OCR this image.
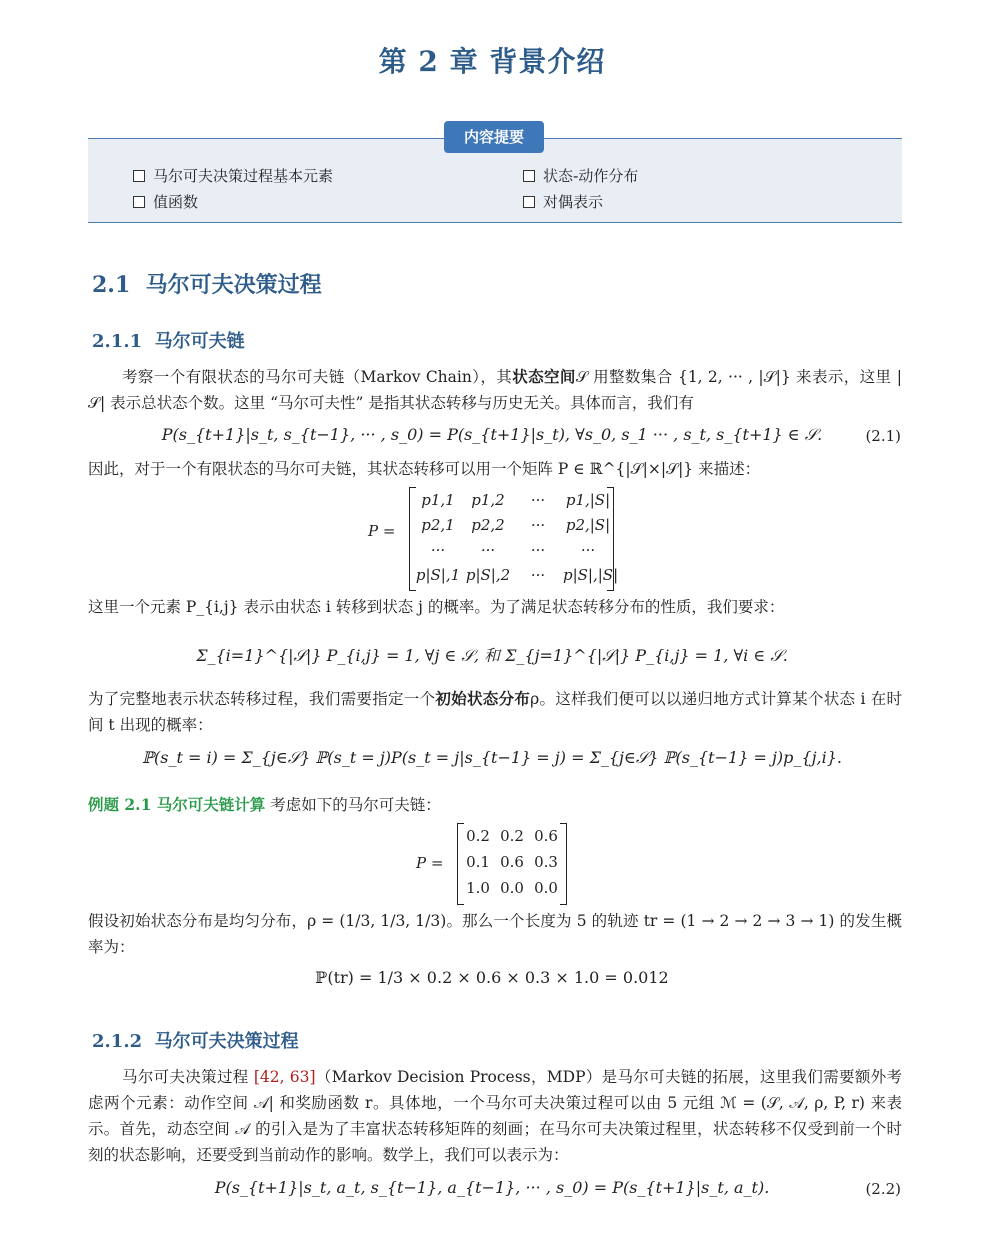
第 2 章 背景介绍
内容提要
马尔可夫决策过程基本元素	状态-动作分布
值函数	对偶表示
2.1 马尔可夫决策过程
2.1.1 马尔可夫链
考察一个有限状态的马尔可夫链（Markov Chain），其状态空间𝒮 用整数集合 {1, 2, ··· , |𝒮|} 来表示，这里 |𝒮| 表示总状态个数。这里 “马尔可夫性” 是指其状态转移与历史无关。具体而言，我们有
P(s_{t+1}|s_t, s_{t−1}, ··· , s_0) = P(s_{t+1}|s_t), ∀s_0, s_1 ··· , s_t, s_{t+1} ∈ 𝒮.	(2.1)
因此，对于一个有限状态的马尔可夫链，其状态转移可以用一个矩阵 P ∈ ℝ^{|𝒮|×|𝒮|} 来描述：
P =
p1,1	p1,2	···	p1,|S|
p2,1	p2,2	···	p2,|S|
···	···	···	···
p|S|,1 p|S|,2	···	p|S|,|S|
这里一个元素 P_{i,j} 表示由状态 i 转移到状态 j 的概率。为了满足状态转移分布的性质，我们要求：
Σ_{i=1}^{|𝒮|} P_{i,j} = 1, ∀j ∈ 𝒮, 和 Σ_{j=1}^{|𝒮|} P_{i,j} = 1, ∀i ∈ 𝒮.
为了完整地表示状态转移过程，我们需要指定一个初始状态分布ρ。这样我们便可以以递归地方式计算某个状态 i 在时间 t 出现的概率：
ℙ(s_t = i) = Σ_{j∈𝒮} ℙ(s_t = j)P(s_t = j|s_{t−1} = j) = Σ_{j∈𝒮} ℙ(s_{t−1} = j)p_{j,i}.
例题 2.1 马尔可夫链计算 考虑如下的马尔可夫链：
P =
0.2 0.2 0.6
0.1 0.6 0.3
1.0 0.0 0.0
假设初始状态分布是均匀分布，ρ = (1/3, 1/3, 1/3)。那么一个长度为 5 的轨迹 tr = (1 → 2 → 2 → 3 → 1) 的发生概率为：
ℙ(tr) = 1/3 × 0.2 × 0.6 × 0.3 × 1.0 = 0.012
2.1.2 马尔可夫决策过程
马尔可夫决策过程 [42, 63]（Markov Decision Process，MDP）是马尔可夫链的拓展，这里我们需要额外考虑两个元素：动作空间 𝒜| 和奖励函数 r。具体地，一个马尔可夫决策过程可以由 5 元组 ℳ = (𝒮, 𝒜, ρ, P, r) 来表示。首先，动态空间 𝒜 的引入是为了丰富状态转移矩阵的刻画；在马尔可夫决策过程里，状态转移不仅受到前一个时刻的状态影响，还要受到当前动作的影响。数学上，我们可以表示为：
P(s_{t+1}|s_t, a_t, s_{t−1}, a_{t−1}, ··· , s_0) = P(s_{t+1}|s_t, a_t).	(2.2)
